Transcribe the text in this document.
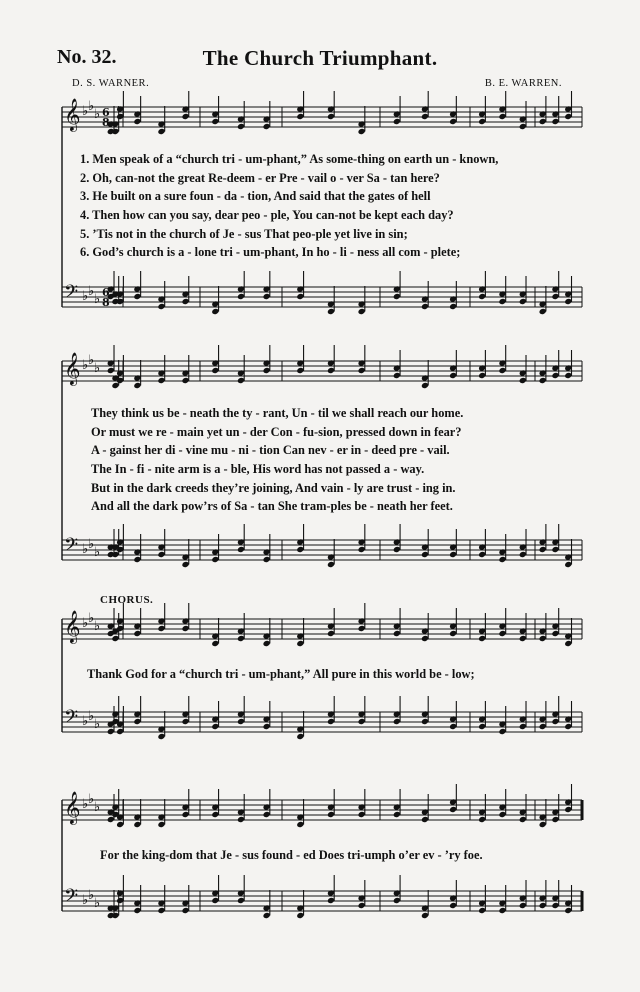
No. 32.	The Church Triumphant.
D. S. WARNER.	B. E. WARREN.
CHORUS.
𝄞 ♭ ♭
♭
𝄢 ♭ ♭
♭
𝄞 ♭ ♭
♭
𝄢 ♭ ♭
♭
𝄞 ♭ ♭
♭
𝄢 ♭ ♭
♭
𝄞 ♭ ♭
♭
𝄢 ♭ ♭
♭
6
8
6
8
1. Men speak of a “church tri - um-phant,” As some-thing on earth un - known,
2. Oh, can-not the great Re-deem - er Pre - vail o - ver Sa - tan here?
3. He built on a sure foun - da - tion, And said that the gates of hell
4. Then how can you say, dear peo - ple, You can-not be kept each day?
5. ’Tis not in the church of Je - sus That peo-ple yet live in sin;
6. God’s church is a - lone tri - um-phant, In ho - li - ness all com - plete;
They think us be - neath the ty - rant, Un - til we shall reach our home.
Or must we re - main yet un - der Con - fu-sion, pressed down in fear?
A - gainst her di - vine mu - ni - tion Can nev - er in - deed pre - vail.
The In - fi - nite arm is a - ble, His word has not passed a - way.
But in the dark creeds they’re joining, And vain - ly are trust - ing in.
And all the dark pow’rs of Sa - tan She tram-ples be - neath her feet.
Thank God for a “church tri - um-phant,” All pure in this world be - low;
For the king-dom that Je - sus found - ed Does tri-umph o’er ev - ’ry foe.
